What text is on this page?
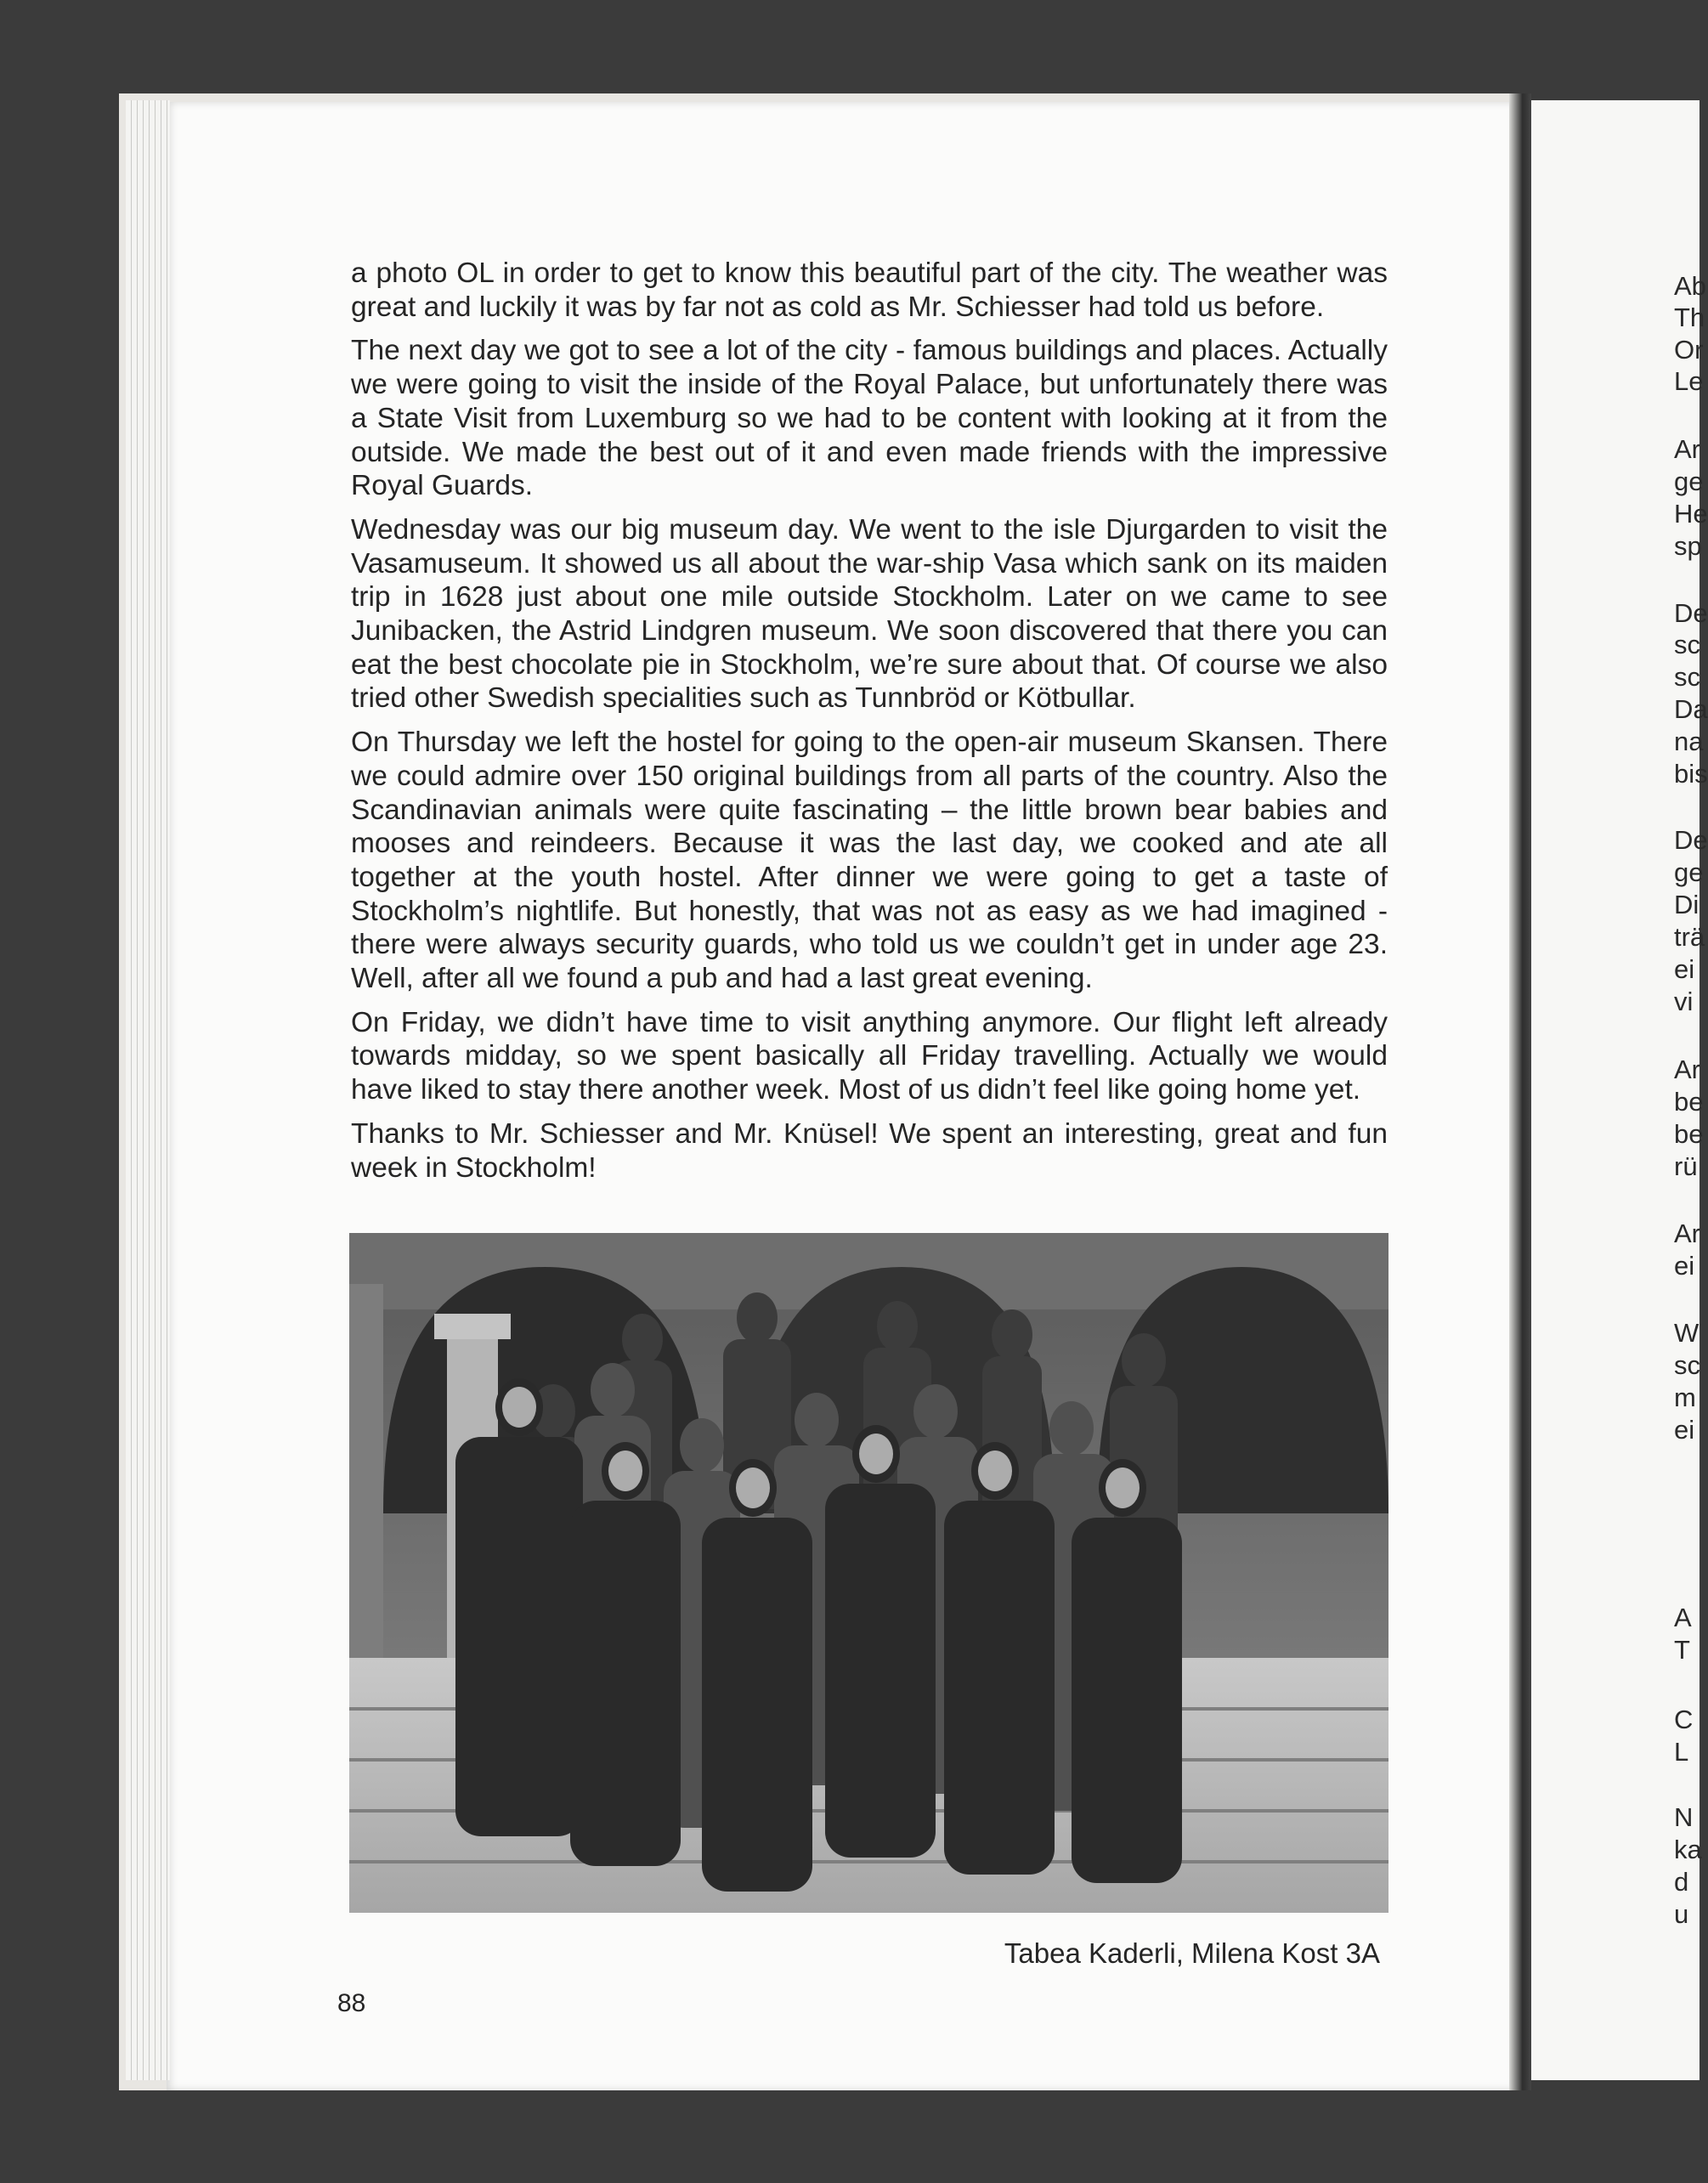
Ab
Th
Or
Le
Ar
ge
He
sp
De
sc
sc
Da
na
bis
De
ge
Di
trä
ei
vi
Ar
be
be
rü
Ar
ei
W
sc
m
ei
A
T
C
L
N
ka
d
u

a photo OL in order to get to know this beautiful part of the city. The weather was great and luckily it was by far not as cold as Mr. Schiesser had told us before.

The next day we got to see a lot of the city - famous buildings and places. Actually we were going to visit the inside of the Royal Palace, but unfortunately there was a State Visit from Luxemburg so we had to be content with looking at it from the outside. We made the best out of it and even made friends with the impressive Royal Guards.

Wednesday was our big museum day. We went to the isle Djurgarden to visit the Vasamuseum. It showed us all about the war-ship Vasa which sank on its maiden trip in 1628 just about one mile outside Stockholm. Later on we came to see Junibacken, the Astrid Lindgren museum. We soon discovered that there you can eat the best chocolate pie in Stockholm, we’re sure about that. Of course we also tried other Swedish specialities such as Tunnbröd or Kötbullar.

On Thursday we left the hostel for going to the open-air museum Skansen. There we could admire over 150 original buildings from all parts of the country. Also the Scandinavian animals were quite fascinating – the little brown bear babies and mooses and reindeers. Because it was the last day, we cooked and ate all together at the youth hostel. After dinner we were going to get a taste of Stockholm’s nightlife. But honestly, that was not as easy as we had imagined - there were always security guards, who told us we couldn’t get in under age 23. Well, after all we found a pub and had a last great evening.

On Friday, we didn’t have time to visit anything anymore. Our flight left already towards midday, so we spent basically all Friday travelling. Actually we would have liked to stay there another week. Most of us didn’t feel like going home yet.

Thanks to Mr. Schiesser and Mr. Knüsel! We spent an interesting, great and fun week in Stockholm!

Tabea Kaderli, Milena Kost 3A
88
